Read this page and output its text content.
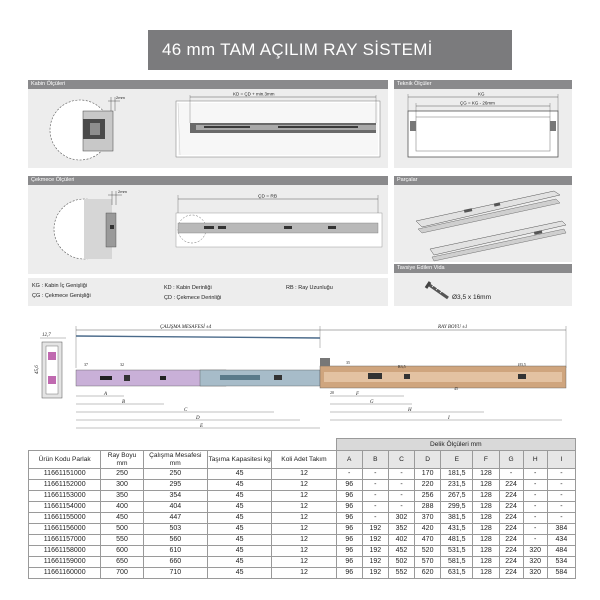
46 mm TAM AÇILIM RAY SİSTEMİ
Kabin Ölçüleri
2mm
KD = ÇD + min.3mm
Teknik Ölçüler
KG
ÇG = KG - 26mm
Çekmece Ölçüleri
2mm
ÇD = RB
Parçalar
Tavsiye Edilen Vida
Ø3,5 x 16mm
KG : Kabin İç Genişliği
ÇG : Çekmece Genişliği
KD : Kabin Derinliği
ÇD : Çekmece Derinliği
RB : Ray Uzunluğu
ÇALIŞMA MESAFESİ ±4	RAY BOYU ±1
12,7
45,6
37	32	35
45
20
R3,5	Ø3,5
A
B
C
D
E
F
G
H
I
					Delik Ölçüleri mm								
Ürün Kodu Parlak	Ray Boyu mm	Çalışma Mesafesi mm	Taşıma Kapasitesi kg	Koli Adet Takım	A	B	C	D	E	F	G	H	I
11661151000	250	250	45	12	-	-	-	170	181,5	128	-	-	-
11661152000	300	295	45	12	96	-	-	220	231,5	128	224	-	-
11661153000	350	354	45	12	96	-	-	256	267,5	128	224	-	-
11661154000	400	404	45	12	96	-	-	288	299,5	128	224	-	-
11661155000	450	447	45	12	96	-	302	370	381,5	128	224	-	-
11661156000	500	503	45	12	96	192	352	420	431,5	128	224	-	384
11661157000	550	560	45	12	96	192	402	470	481,5	128	224	-	434
11661158000	600	610	45	12	96	192	452	520	531,5	128	224	320	484
11661159000	650	660	45	12	96	192	502	570	581,5	128	224	320	534
11661160000	700	710	45	12	96	192	552	620	631,5	128	224	320	584
